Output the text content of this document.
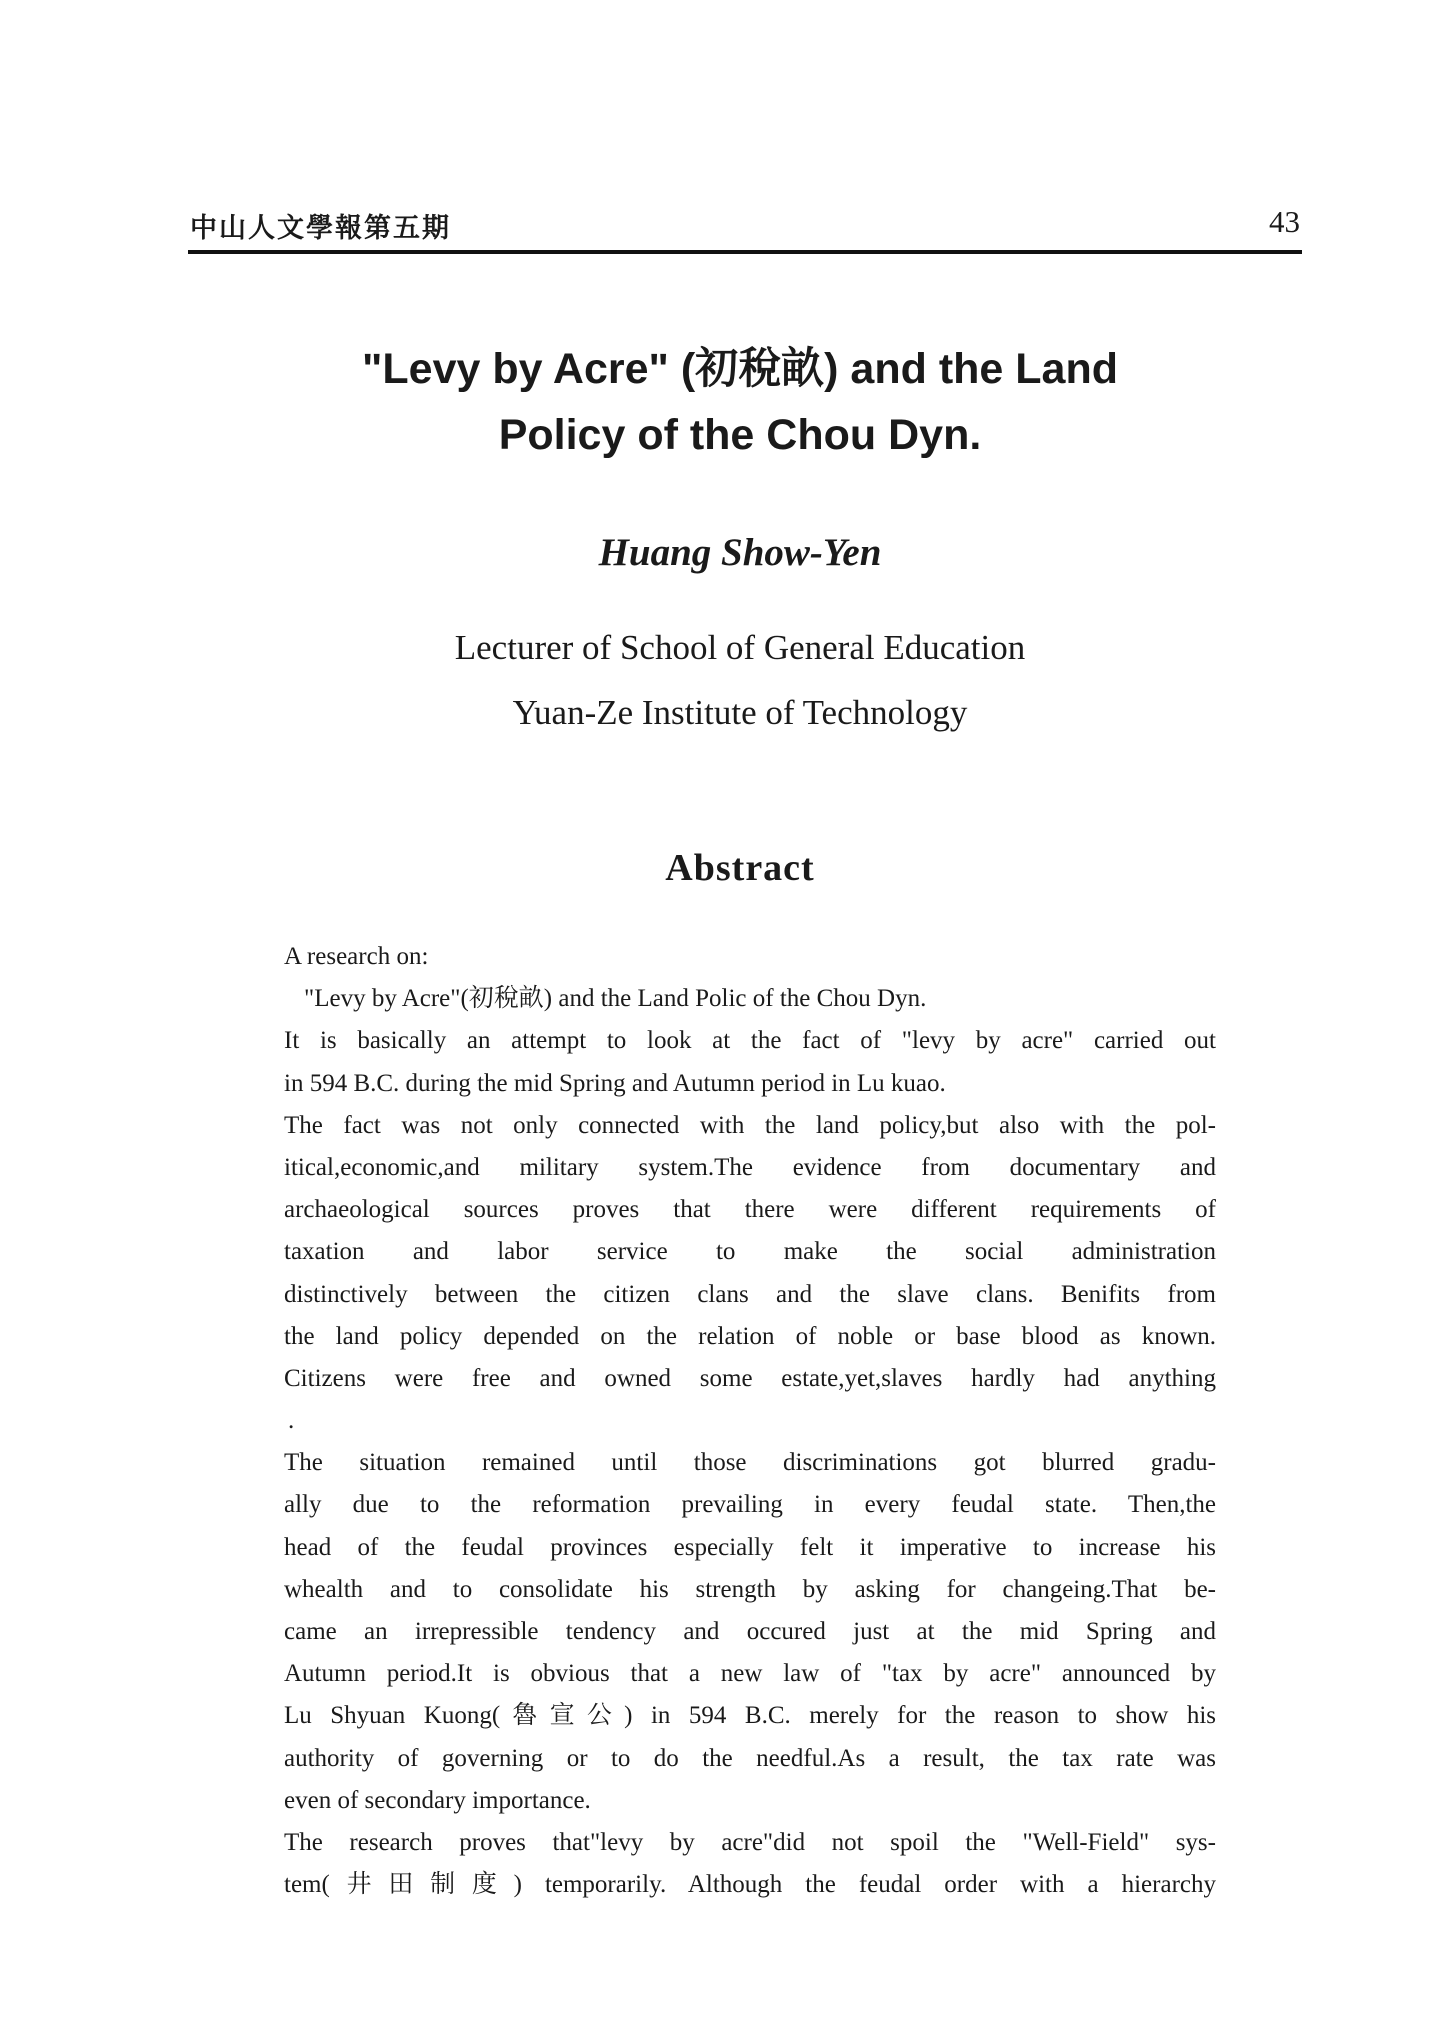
中山人文學報第五期	43
"Levy by Acre" (初稅畝) and the Land
Policy of the Chou Dyn.
Huang Show-Yen
Lecturer of School of General Education
Yuan-Ze Institute of Technology
Abstract
A research on:
"Levy by Acre"(初稅畝) and the Land Polic of the Chou Dyn.
It is basically an attempt to look at the fact of "levy by acre" carried out
in 594 B.C. during the mid Spring and Autumn period in Lu kuao.
The fact was not only connected with the land policy,but also with the pol-
itical,economic,and military system.The evidence from documentary and
archaeological sources proves that there were different requirements of
taxation and labor service to make the social administration
distinctively between the citizen clans and the slave clans. Benifits from
the land policy depended on the relation of noble or base blood as known.
Citizens were free and owned some estate,yet,slaves hardly had anything
.
The situation remained until those discriminations got blurred gradu-
ally due to the reformation prevailing in every feudal state. Then,the
head of the feudal provinces especially felt it imperative to increase his
whealth and to consolidate his strength by asking for changeing.That be-
came an irrepressible tendency and occured just at the mid Spring and
Autumn period.It is obvious that a new law of "tax by acre" announced by
Lu Shyuan Kuong(魯宣公) in 594 B.C. merely for the reason to show his
authority of governing or to do the needful.As a result, the tax rate was
even of secondary importance.
The research proves that"levy by acre"did not spoil the "Well-Field" sys-
tem(井田制度) temporarily. Although the feudal order with a hierarchy
